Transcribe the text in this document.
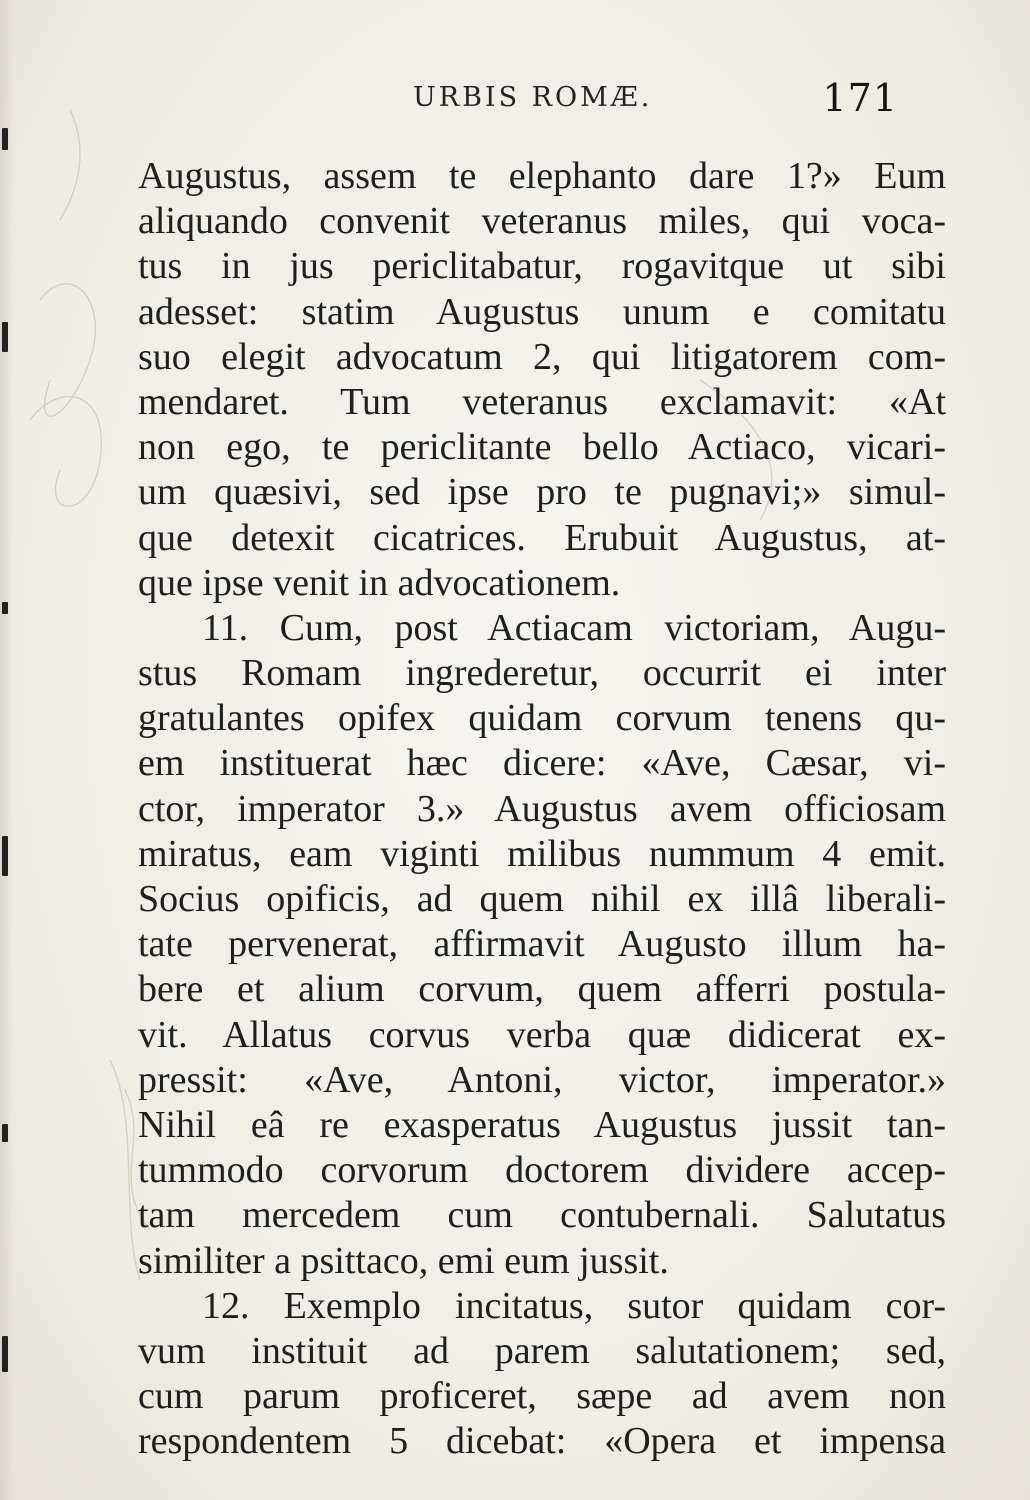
URBIS ROMÆ.	171
Augustus, assem te elephanto dare 1?» Eum
aliquando convenit veteranus miles, qui voca-
tus in jus periclitabatur, rogavitque ut sibi
adesset: statim Augustus unum e comitatu
suo elegit advocatum 2, qui litigatorem com-
mendaret. Tum veteranus exclamavit: «At
non ego, te periclitante bello Actiaco, vicari-
um quæsivi, sed ipse pro te pugnavi;» simul-
que detexit cicatrices. Erubuit Augustus, at-
que ipse venit in advocationem.
11. Cum, post Actiacam victoriam, Augu-
stus Romam ingrederetur, occurrit ei inter
gratulantes opifex quidam corvum tenens qu-
em instituerat hæc dicere: «Ave, Cæsar, vi-
ctor, imperator 3.» Augustus avem officiosam
miratus, eam viginti milibus nummum 4 emit.
Socius opificis, ad quem nihil ex illâ liberali-
tate pervenerat, affirmavit Augusto illum ha-
bere et alium corvum, quem afferri postula-
vit. Allatus corvus verba quæ didicerat ex-
pressit: «Ave, Antoni, victor, imperator.»
Nihil eâ re exasperatus Augustus jussit tan-
tummodo corvorum doctorem dividere accep-
tam mercedem cum contubernali. Salutatus
similiter a psittaco, emi eum jussit.
12. Exemplo incitatus, sutor quidam cor-
vum instituit ad parem salutationem; sed,
cum parum proficeret, sæpe ad avem non
respondentem 5 dicebat: «Opera et impensa
